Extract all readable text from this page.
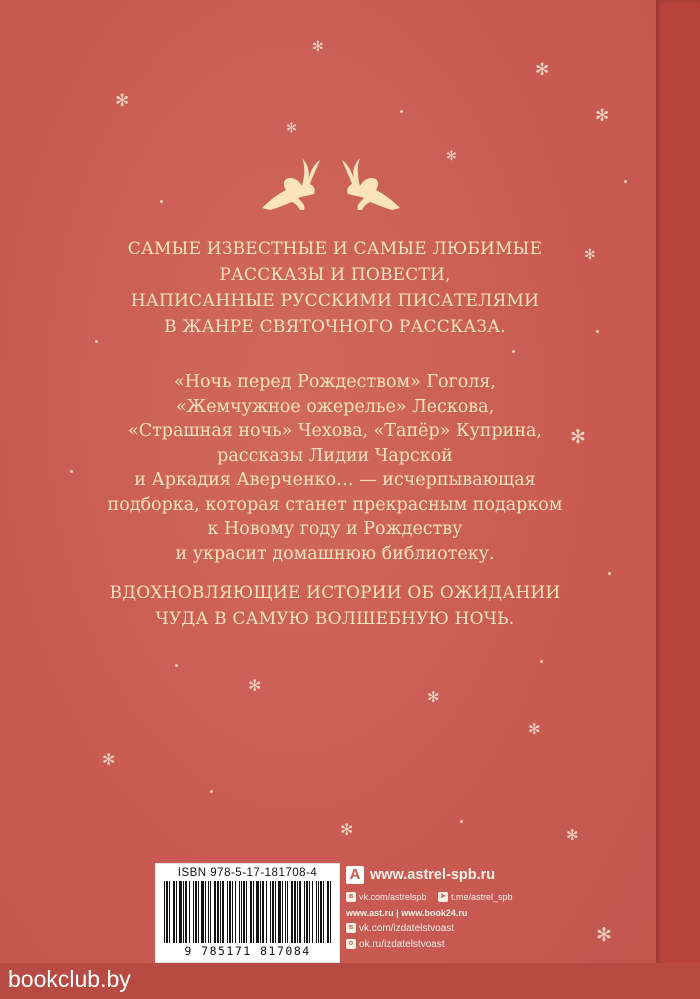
✻
✻
✻
✻
✻
✻
✻
✻
✻
✻
✻
✻
✻	✻
✻
САМЫЕ ИЗВЕСТНЫЕ И САМЫЕ ЛЮБИМЫЕ
РАССКАЗЫ И ПОВЕСТИ,
НАПИСАННЫЕ РУССКИМИ ПИСАТЕЛЯМИ
В ЖАНРЕ СВЯТОЧНОГО РАССКАЗА.
«Ночь перед Рождеством» Гоголя,
«Жемчужное ожерелье» Лескова,
«Страшная ночь» Чехова, «Тапёр» Куприна,
рассказы Лидии Чарской
и Аркадия Аверченко… — исчерпывающая
подборка, которая станет прекрасным подарком
к Новому году и Рождеству
и украсит домашнюю библиотеку.
ВДОХНОВЛЯЮЩИЕ ИСТОРИИ ОБ ОЖИДАНИИ
ЧУДА В САМУЮ ВОЛШЕБНУЮ НОЧЬ.
ISBN 978-5-17-181708-4
9 785171 817084
A www.astrel-spb.ru
в vk.com/astrelspb ➤ t.me/astrel_spb
www.ast.ru | www.book24.ru
в vk.com/izdatelstvoast
о ok.ru/izdatelstvoast
bookclub.by
